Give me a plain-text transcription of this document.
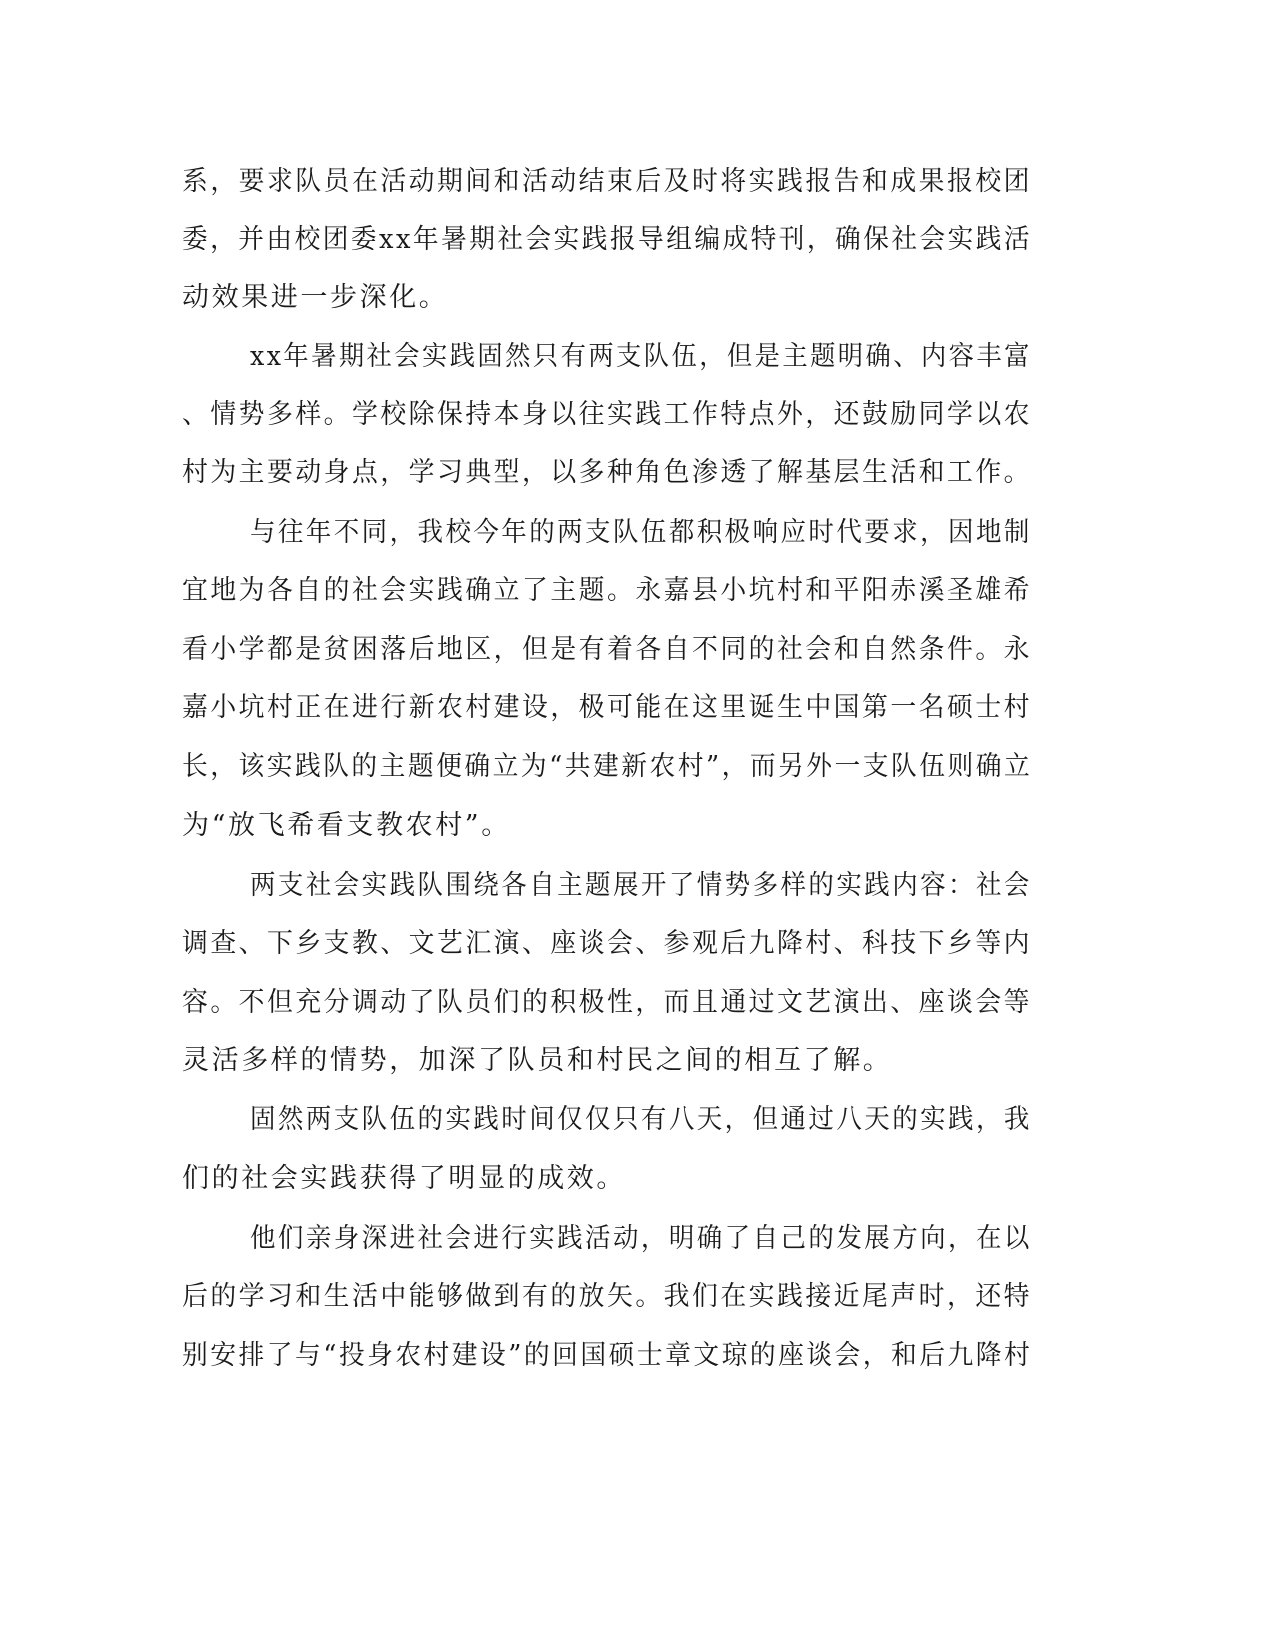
系，要求队员在活动期间和活动结束后及时将实践报告和成果报校团

委，并由校团委xx年暑期社会实践报导组编成特刊，确保社会实践活

动效果进一步深化。

xx年暑期社会实践固然只有两支队伍，但是主题明确、内容丰富

、情势多样。学校除保持本身以往实践工作特点外，还鼓励同学以农

村为主要动身点，学习典型，以多种角色渗透了解基层生活和工作。

与往年不同，我校今年的两支队伍都积极响应时代要求，因地制

宜地为各自的社会实践确立了主题。永嘉县小坑村和平阳赤溪圣雄希

看小学都是贫困落后地区，但是有着各自不同的社会和自然条件。永

嘉小坑村正在进行新农村建设，极可能在这里诞生中国第一名硕士村

长，该实践队的主题便确立为“共建新农村”，而另外一支队伍则确立

为“放飞希看支教农村”。

两支社会实践队围绕各自主题展开了情势多样的实践内容：社会

调查、下乡支教、文艺汇演、座谈会、参观后九降村、科技下乡等内

容。不但充分调动了队员们的积极性，而且通过文艺演出、座谈会等

灵活多样的情势，加深了队员和村民之间的相互了解。

固然两支队伍的实践时间仅仅只有八天，但通过八天的实践，我

们的社会实践获得了明显的成效。

他们亲身深进社会进行实践活动，明确了自己的发展方向，在以

后的学习和生活中能够做到有的放矢。我们在实践接近尾声时，还特

别安排了与“投身农村建设”的回国硕士章文琼的座谈会，和后九降村
